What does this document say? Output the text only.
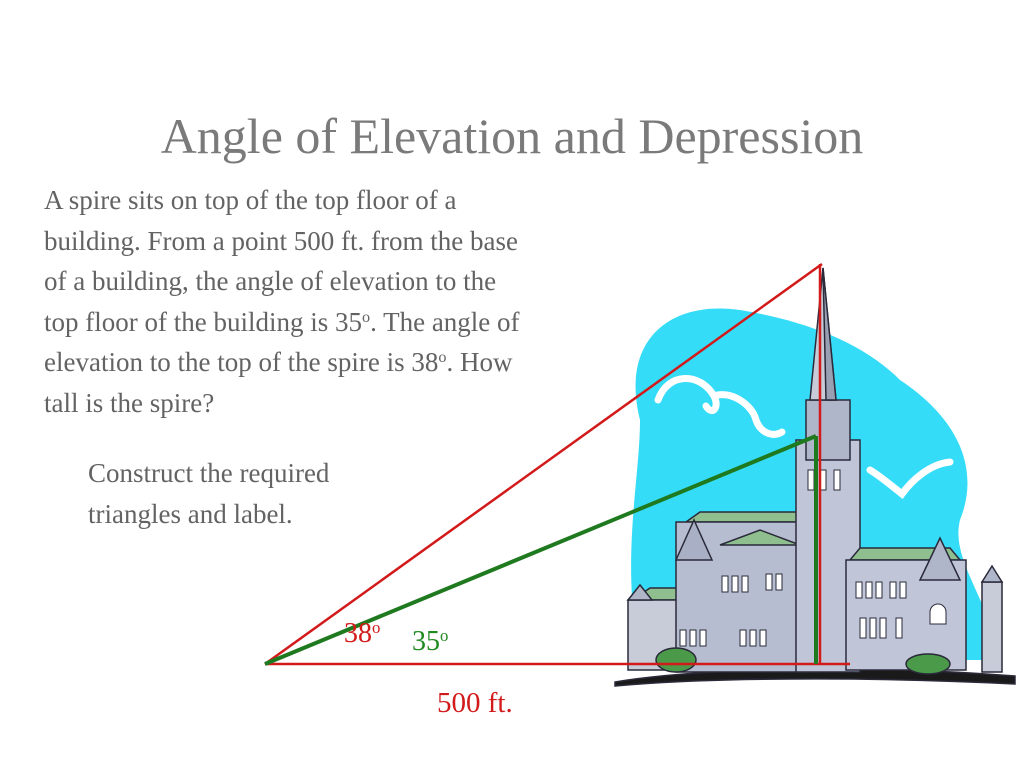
Angle of Elevation and Depression
A spire sits on top of the top floor of a
building. From a point 500 ft. from the base
of a building, the angle of elevation to the
top floor of the building is 35$^o$. The angle of
elevation to the top of the spire is 38$^o$. How
tall is the spire?
Construct the required
triangles and label.
38$^o$ 35$^o$
500 ft.
